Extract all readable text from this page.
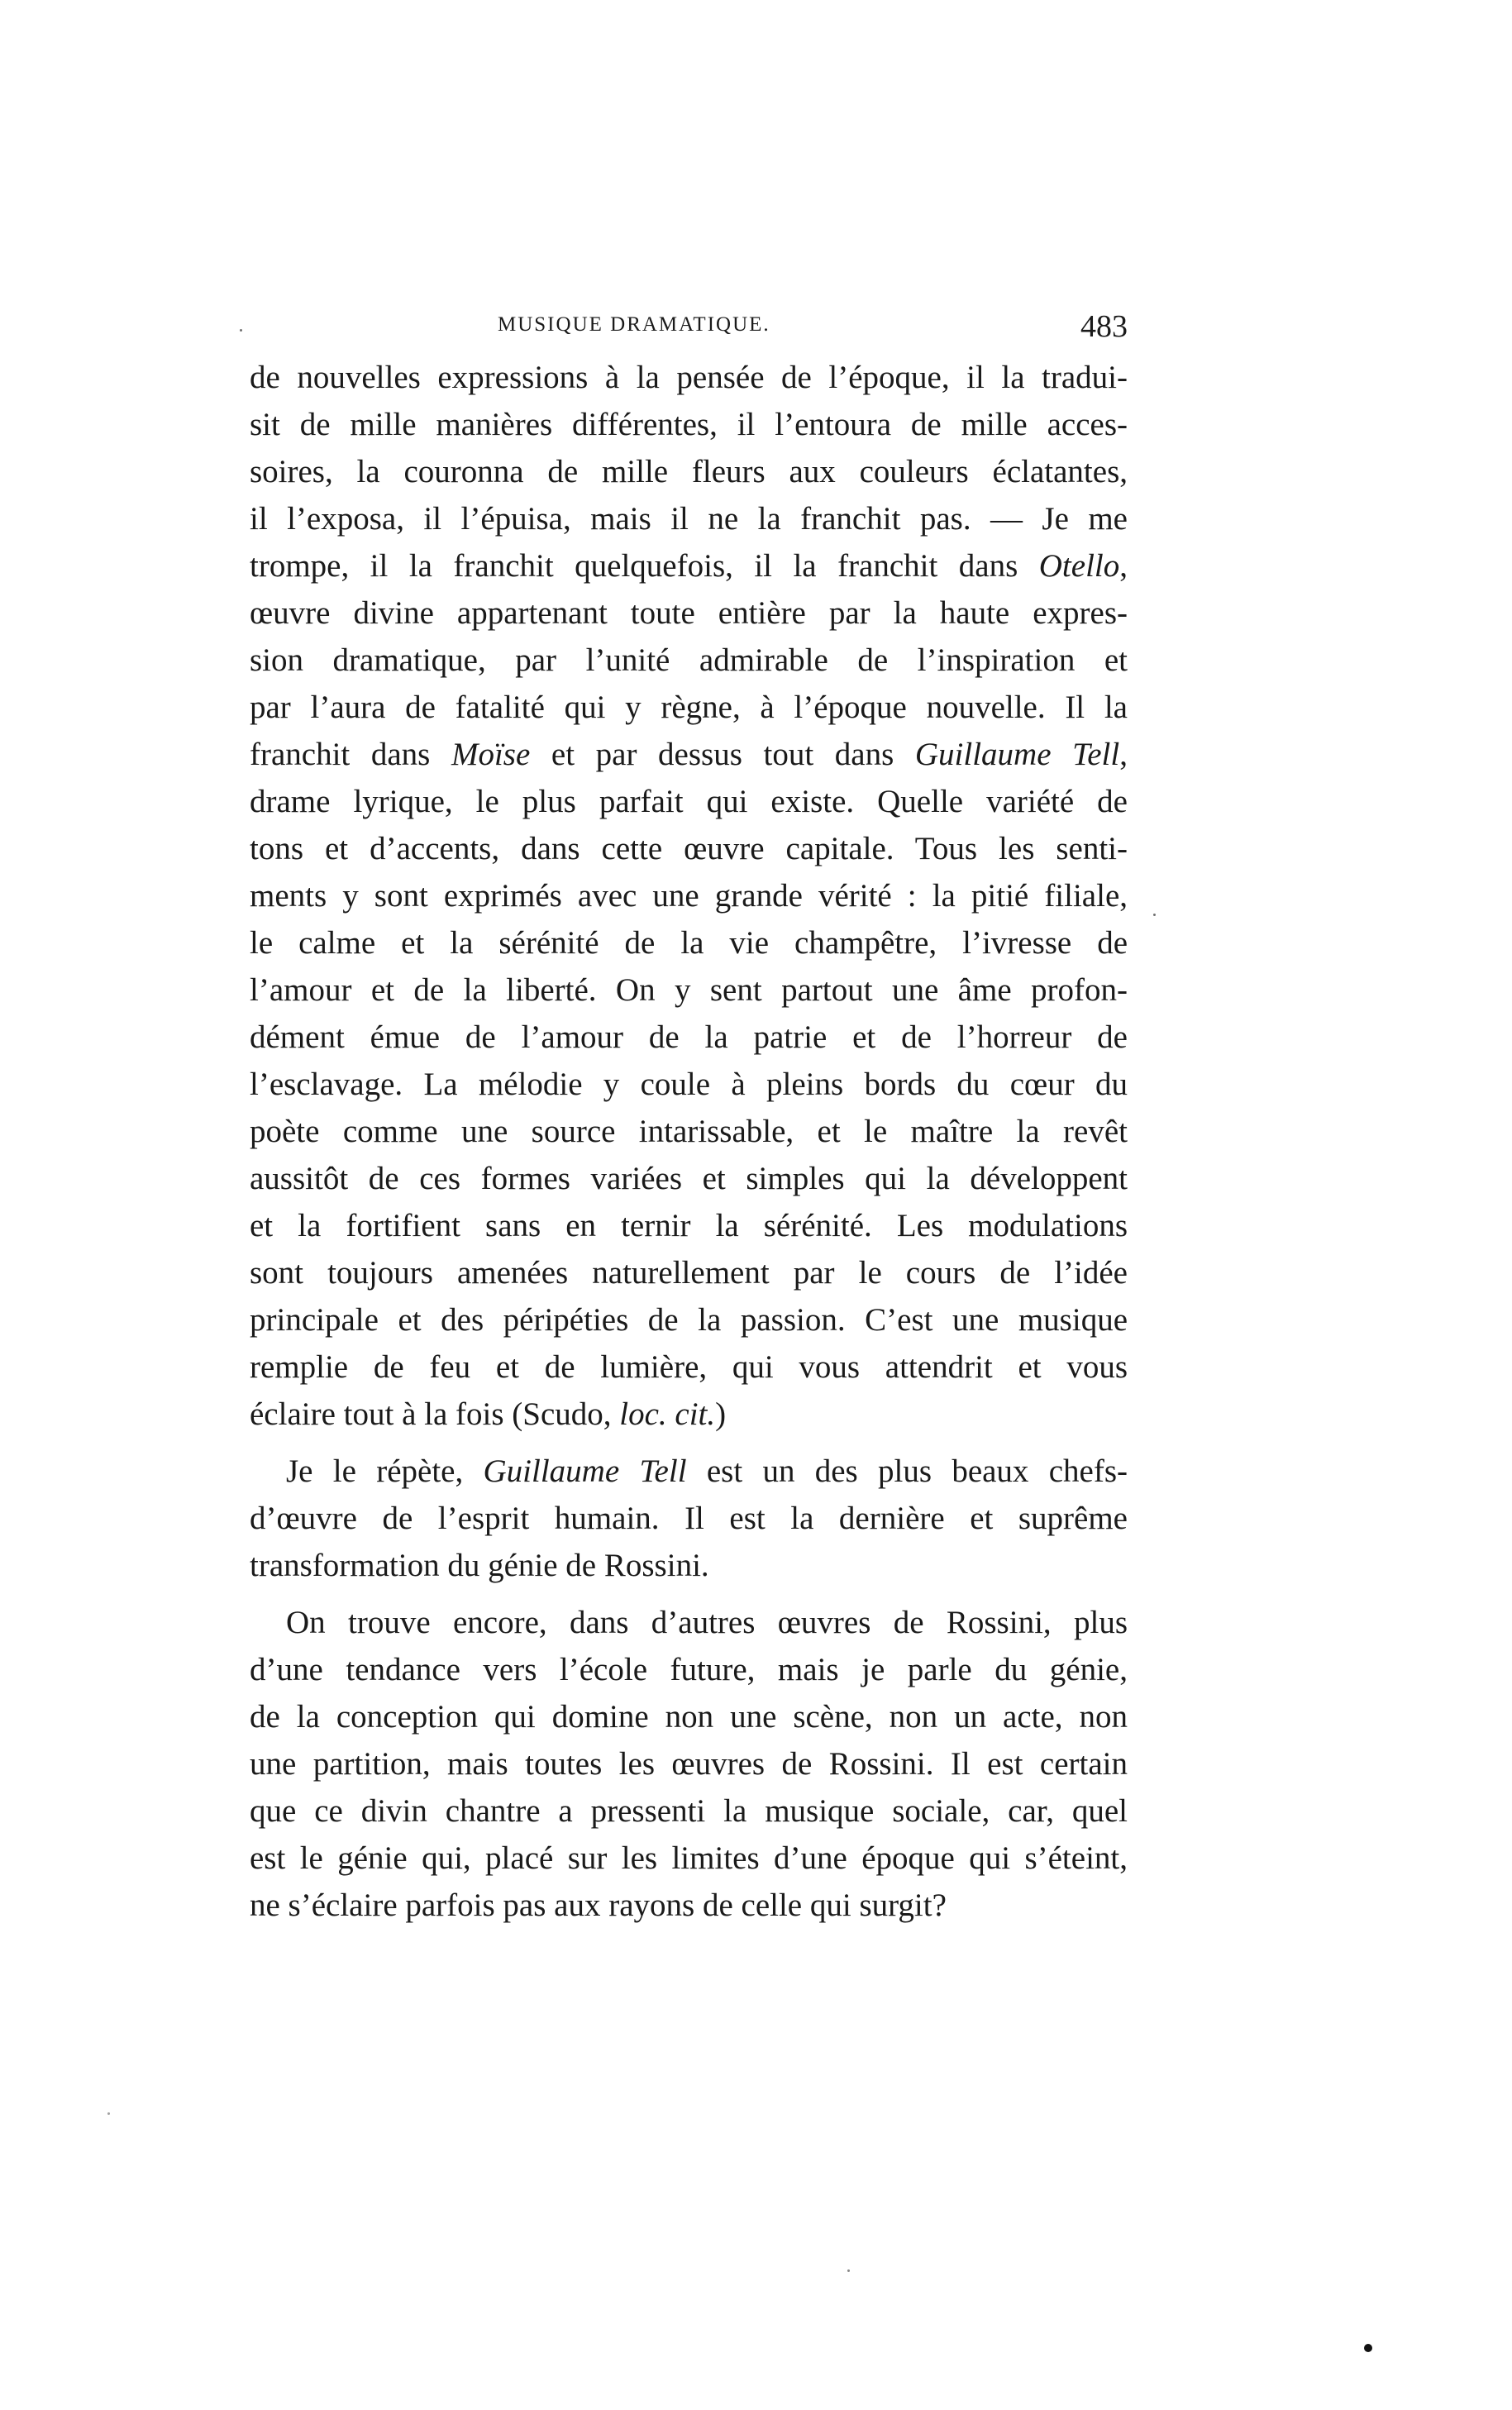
MUSIQUE DRAMATIQUE.	483
de nouvelles expressions à la pensée de l’époque, il la tradui-
sit de mille manières différentes, il l’entoura de mille acces-
soires, la couronna de mille fleurs aux couleurs éclatantes,
il l’exposa, il l’épuisa, mais il ne la franchit pas. — Je me
trompe, il la franchit quelquefois, il la franchit dans Otello,
œuvre divine appartenant toute entière par la haute expres-
sion dramatique, par l’unité admirable de l’inspiration et
par l’aura de fatalité qui y règne, à l’époque nouvelle. Il la
franchit dans Moïse et par dessus tout dans Guillaume Tell,
drame lyrique, le plus parfait qui existe. Quelle variété de
tons et d’accents, dans cette œuvre capitale. Tous les senti-
ments y sont exprimés avec une grande vérité : la pitié filiale,
le calme et la sérénité de la vie champêtre, l’ivresse de
l’amour et de la liberté. On y sent partout une âme profon-
dément émue de l’amour de la patrie et de l’horreur de
l’esclavage. La mélodie y coule à pleins bords du cœur du
poète comme une source intarissable, et le maître la revêt
aussitôt de ces formes variées et simples qui la développent
et la fortifient sans en ternir la sérénité. Les modulations
sont toujours amenées naturellement par le cours de l’idée
principale et des péripéties de la passion. C’est une musique
remplie de feu et de lumière, qui vous attendrit et vous
éclaire tout à la fois (Scudo, loc. cit.)
Je le répète, Guillaume Tell est un des plus beaux chefs-
d’œuvre de l’esprit humain. Il est la dernière et suprême
transformation du génie de Rossini.
On trouve encore, dans d’autres œuvres de Rossini, plus
d’une tendance vers l’école future, mais je parle du génie,
de la conception qui domine non une scène, non un acte, non
une partition, mais toutes les œuvres de Rossini. Il est certain
que ce divin chantre a pressenti la musique sociale, car, quel
est le génie qui, placé sur les limites d’une époque qui s’éteint,
ne s’éclaire parfois pas aux rayons de celle qui surgit?
